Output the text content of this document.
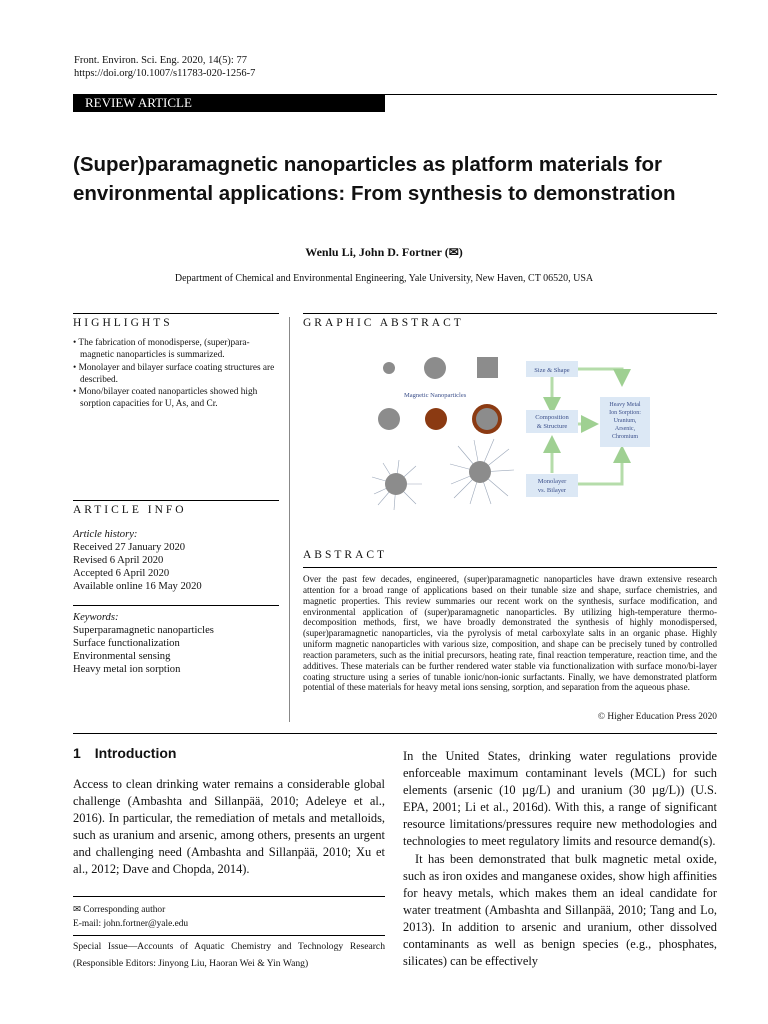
Front. Environ. Sci. Eng. 2020, 14(5): 77
https://doi.org/10.1007/s11783-020-1256-7
REVIEW ARTICLE
(Super)paramagnetic nanoparticles as platform materials for
environmental applications: From synthesis to demonstration
Wenlu Li, John D. Fortner (✉)
Department of Chemical and Environmental Engineering, Yale University, New Haven, CT 06520, USA
HIGHLIGHTS
• The fabrication of monodisperse, (super)para-magnetic nanoparticles is summarized.
• Monolayer and bilayer surface coating structures are described.
• Mono/bilayer coated nanoparticles showed high sorption capacities for U, As, and Cr.
GRAPHIC ABSTRACT
Magnetic Nanoparticles
Size & Shape
Composition
& Structure
Monolayer
vs. Bilayer
Heavy Metal
Ion Sorption:
Uranium,
Arsenic,
Chromium
ARTICLE INFO
Article history:
Received 27 January 2020
Revised 6 April 2020
Accepted 6 April 2020
Available online 16 May 2020
Keywords:
Superparamagnetic nanoparticles
Surface functionalization
Environmental sensing
Heavy metal ion sorption
ABSTRACT
Over the past few decades, engineered, (super)paramagnetic nanoparticles have drawn extensive research attention for a broad range of applications based on their tunable size and shape, surface chemistries, and magnetic properties. This review summaries our recent work on the synthesis, surface modification, and environmental application of (super)paramagnetic nanoparticles. By utilizing high-temperature thermo-decomposition methods, first, we have broadly demonstrated the synthesis of highly monodispersed, (super)paramagnetic nanoparticles, via the pyrolysis of metal carboxylate salts in an organic phase. Highly uniform magnetic nanoparticles with various size, composition, and shape can be precisely tuned by controlled reaction parameters, such as the initial precursors, heating rate, final reaction temperature, reaction time, and the additives. These materials can be further rendered water stable via functionalization with surface mono/bi-layer coating structure using a series of tunable ionic/non-ionic surfactants. Finally, we have demonstrated platform potential of these materials for heavy metal ions sensing, sorption, and separation from the aqueous phase.
© Higher Education Press 2020
1 Introduction
Access to clean drinking water remains a considerable global challenge (Ambashta and Sillanpää, 2010; Adeleye et al., 2016). In particular, the remediation of metals and metalloids, such as uranium and arsenic, among others, presents an urgent and challenging need (Ambashta and Sillanpää, 2010; Xu et al., 2012; Dave and Chopda, 2014).
In the United States, drinking water regulations provide enforceable maximum contaminant levels (MCL) for such elements (arsenic (10 µg/L) and uranium (30 µg/L)) (U.S. EPA, 2001; Li et al., 2016d). With this, a range of significant resource limitations/pressures require new methodologies and technologies to meet regulatory limits and resource demand(s).
It has been demonstrated that bulk magnetic metal oxide, such as iron oxides and manganese oxides, show high affinities for heavy metals, which makes them an ideal candidate for water treatment (Ambashta and Sillanpää, 2010; Tang and Lo, 2013). In addition to arsenic and uranium, other dissolved contaminants as well as benign species (e.g., phosphates, silicates) can be effectively
✉ Corresponding author
E-mail: john.fortner@yale.edu
Special Issue—Accounts of Aquatic Chemistry and Technology Research (Responsible Editors: Jinyong Liu, Haoran Wei & Yin Wang)
